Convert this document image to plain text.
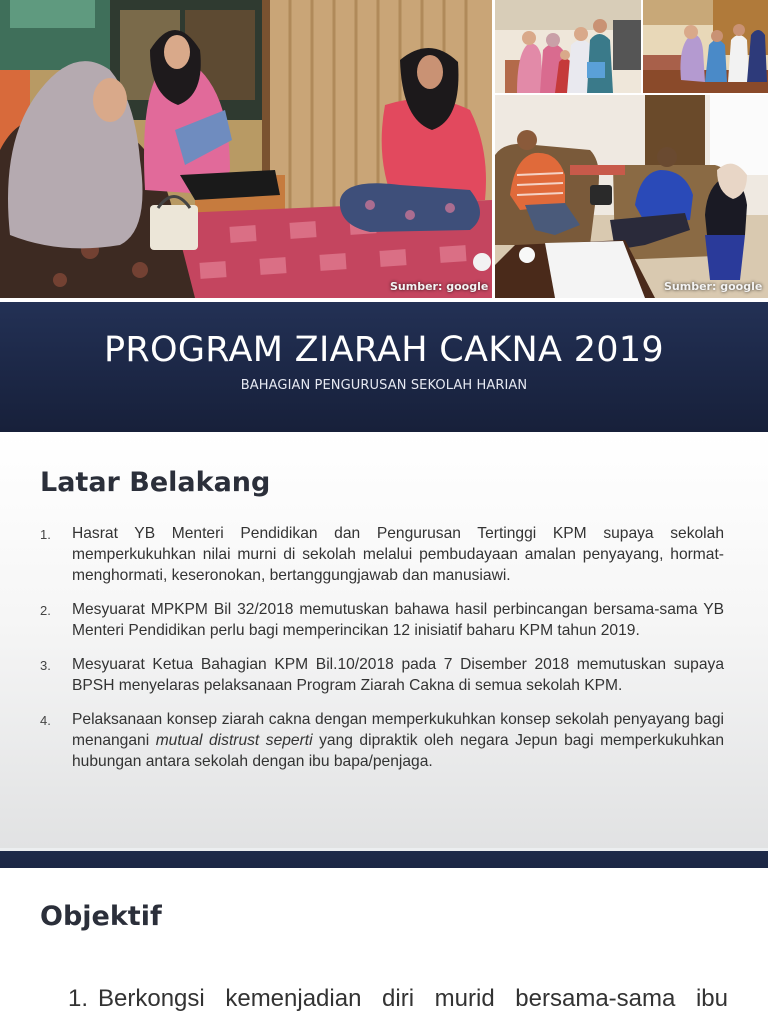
Sumber: google	Sumber: google
PROGRAM ZIARAH CAKNA 2019
BAHAGIAN PENGURUSAN SEKOLAH HARIAN
Latar Belakang
1.	Hasrat YB Menteri Pendidikan dan Pengurusan Tertinggi KPM supaya sekolah memperkukuhkan nilai murni di sekolah melalui pembudayaan amalan penyayang, hormat-menghormati, keseronokan, bertanggungjawab dan manusiawi.
2.	Mesyuarat MPKPM Bil 32/2018 memutuskan bahawa hasil perbincangan bersama-sama YB Menteri Pendidikan perlu bagi memperincikan 12 inisiatif baharu KPM tahun 2019.
3.	Mesyuarat Ketua Bahagian KPM Bil.10/2018 pada 7 Disember 2018 memutuskan supaya BPSH menyelaras pelaksanaan Program Ziarah Cakna di semua sekolah KPM.
4.	Pelaksanaan konsep ziarah cakna dengan memperkukuhkan konsep sekolah penyayang bagi menangani mutual distrust seperti yang dipraktik oleh negara Jepun bagi memperkukuhkan hubungan antara sekolah dengan ibu bapa/penjaga.
Objektif
1. Berkongsi kemenjadian diri murid bersama-sama ibu
